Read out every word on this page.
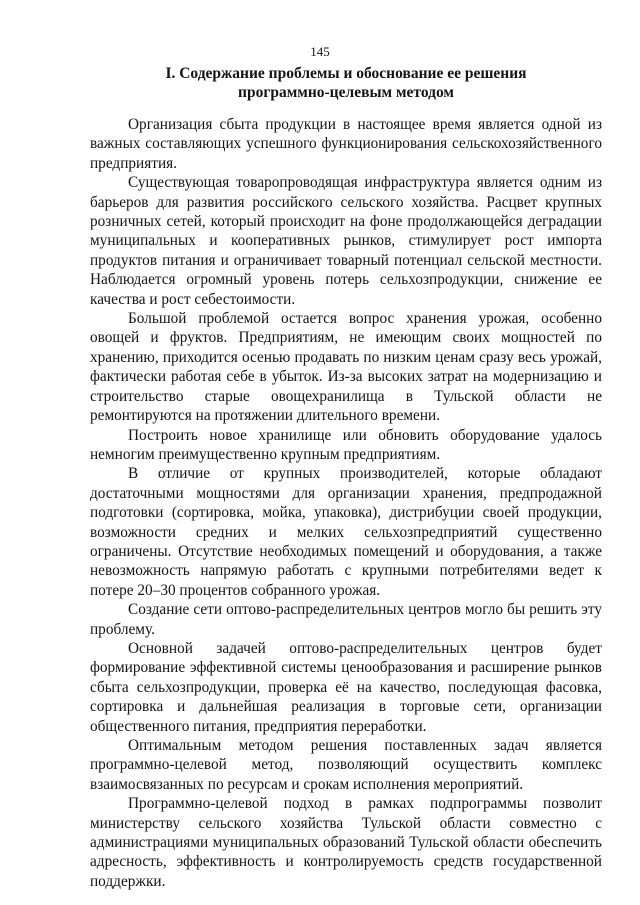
145
I. Содержание проблемы и обоснование ее решения
программно-целевым методом

Организация сбыта продукции в настоящее время является одной из важных составляющих успешного функционирования сельскохозяйственного предприятия.

Существующая товаропроводящая инфраструктура является одним из барьеров для развития российского сельского хозяйства. Расцвет крупных розничных сетей, который происходит на фоне продолжающейся деградации муниципальных и кооперативных рынков, стимулирует рост импорта продуктов питания и ограничивает товарный потенциал сельской местности. Наблюдается огромный уровень потерь сельхозпродукции, снижение ее качества и рост себестоимости.

Большой проблемой остается вопрос хранения урожая, особенно овощей и фруктов. Предприятиям, не имеющим своих мощностей по хранению, приходится осенью продавать по низким ценам сразу весь урожай, фактически работая себе в убыток. Из-за высоких затрат на модернизацию и строительство старые овощехранилища в Тульской области не ремонтируются на протяжении длительного времени.

Построить новое хранилище или обновить оборудование удалось немногим преимущественно крупным предприятиям.

В отличие от крупных производителей, которые обладают достаточными мощностями для организации хранения, предпродажной подготовки (сортировка, мойка, упаковка), дистрибуции своей продукции, возможности средних и мелких сельхозпредприятий существенно ограничены. Отсутствие необходимых помещений и оборудования, а также невозможность напрямую работать с крупными потребителями ведет к потере 20–30 процентов собранного урожая.

Создание сети оптово-распределительных центров могло бы решить эту проблему.

Основной задачей оптово-распределительных центров будет формирование эффективной системы ценообразования и расширение рынков сбыта сельхозпродукции, проверка её на качество, последующая фасовка, сортировка и дальнейшая реализация в торговые сети, организации общественного питания, предприятия переработки.

Оптимальным методом решения поставленных задач является программно-целевой метод, позволяющий осуществить комплекс взаимосвязанных по ресурсам и срокам исполнения мероприятий.

Программно-целевой подход в рамках подпрограммы позволит министерству сельского хозяйства Тульской области совместно с администрациями муниципальных образований Тульской области обеспечить адресность, эффективность и контролируемость средств государственной поддержки.
